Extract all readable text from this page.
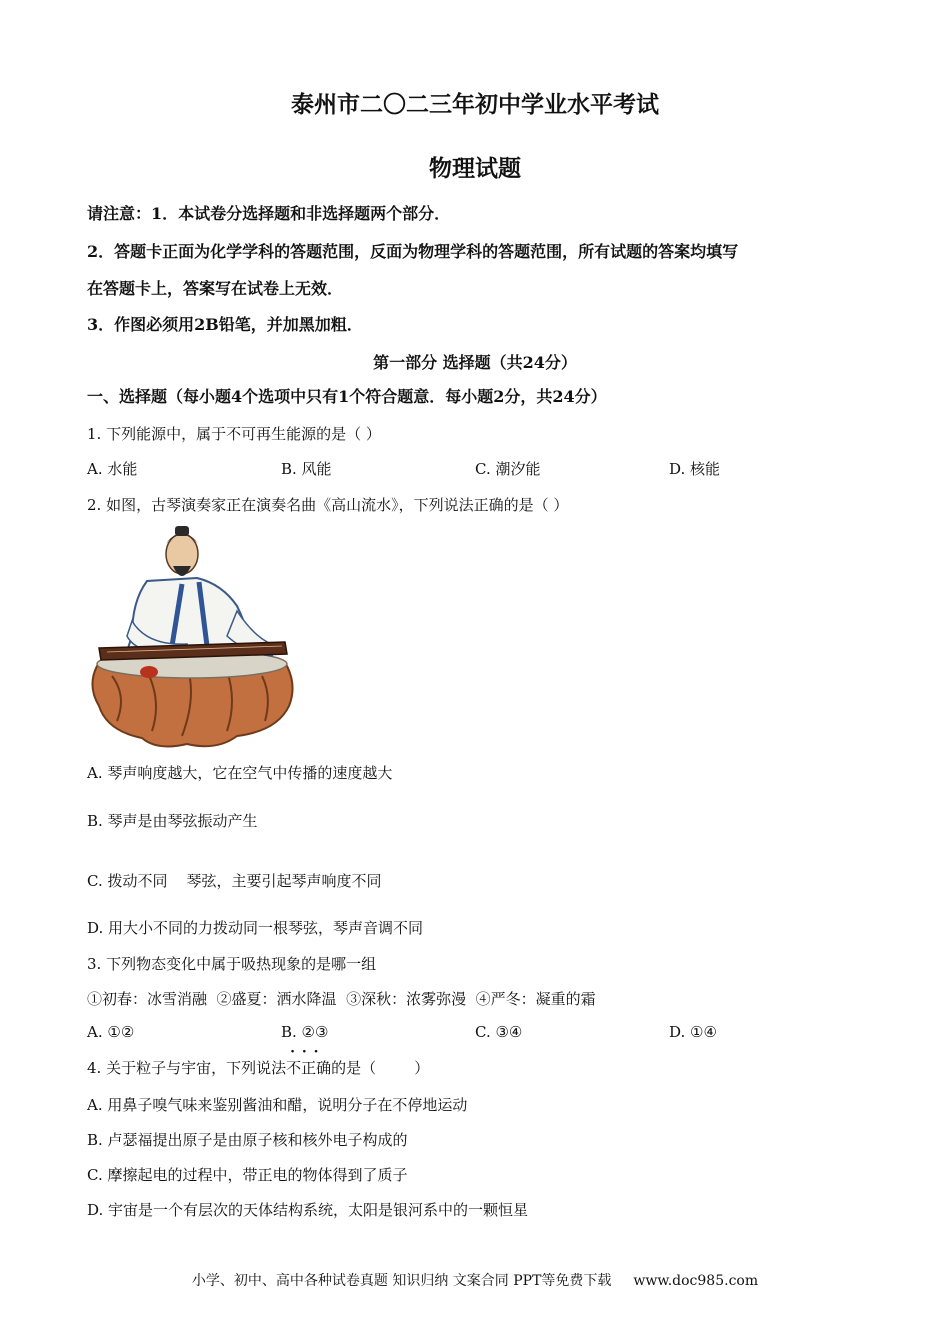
泰州市二〇二三年初中学业水平考试
物理试题
请注意：1．本试卷分选择题和非选择题两个部分．
2．答题卡正面为化学学科的答题范围，反面为物理学科的答题范围，所有试题的答案均填写
在答题卡上，答案写在试卷上无效．
3．作图必须用2B铅笔，并加黑加粗．
第一部分 选择题（共24分）
一、选择题（每小题4个选项中只有1个符合题意．每小题2分，共24分）
1. 下列能源中，属于不可再生能源的是（ ）
A. 水能	B. 风能	C. 潮汐能	D. 核能
2. 如图，古琴演奏家正在演奏名曲《高山流水》，下列说法正确的是（ ）
A. 琴声响度越大，它在空气中传播的速度越大
B. 琴声是由琴弦振动产生
C. 拨动不同    琴弦，主要引起琴声响度不同
D. 用大小不同的力拨动同一根琴弦，琴声音调不同
3. 下列物态变化中属于吸热现象的是哪一组
①初春：冰雪消融  ②盛夏：洒水降温  ③深秋：浓雾弥漫  ④严冬：凝重的霜
A. ①②	B. ②③	C. ③④	D. ①④
4. 关于粒子与宇宙，下列说法· · · 不正确的是（        ）
A. 用鼻子嗅气味来鉴别酱油和醋，说明分子在不停地运动
B. 卢瑟福提出原子是由原子核和核外电子构成的
C. 摩擦起电的过程中，带正电的物体得到了质子
D. 宇宙是一个有层次的天体结构系统，太阳是银河系中的一颗恒星
小学、初中、高中各种试卷真题 知识归纳 文案合同 PPT等免费下载 www.doc985.com
